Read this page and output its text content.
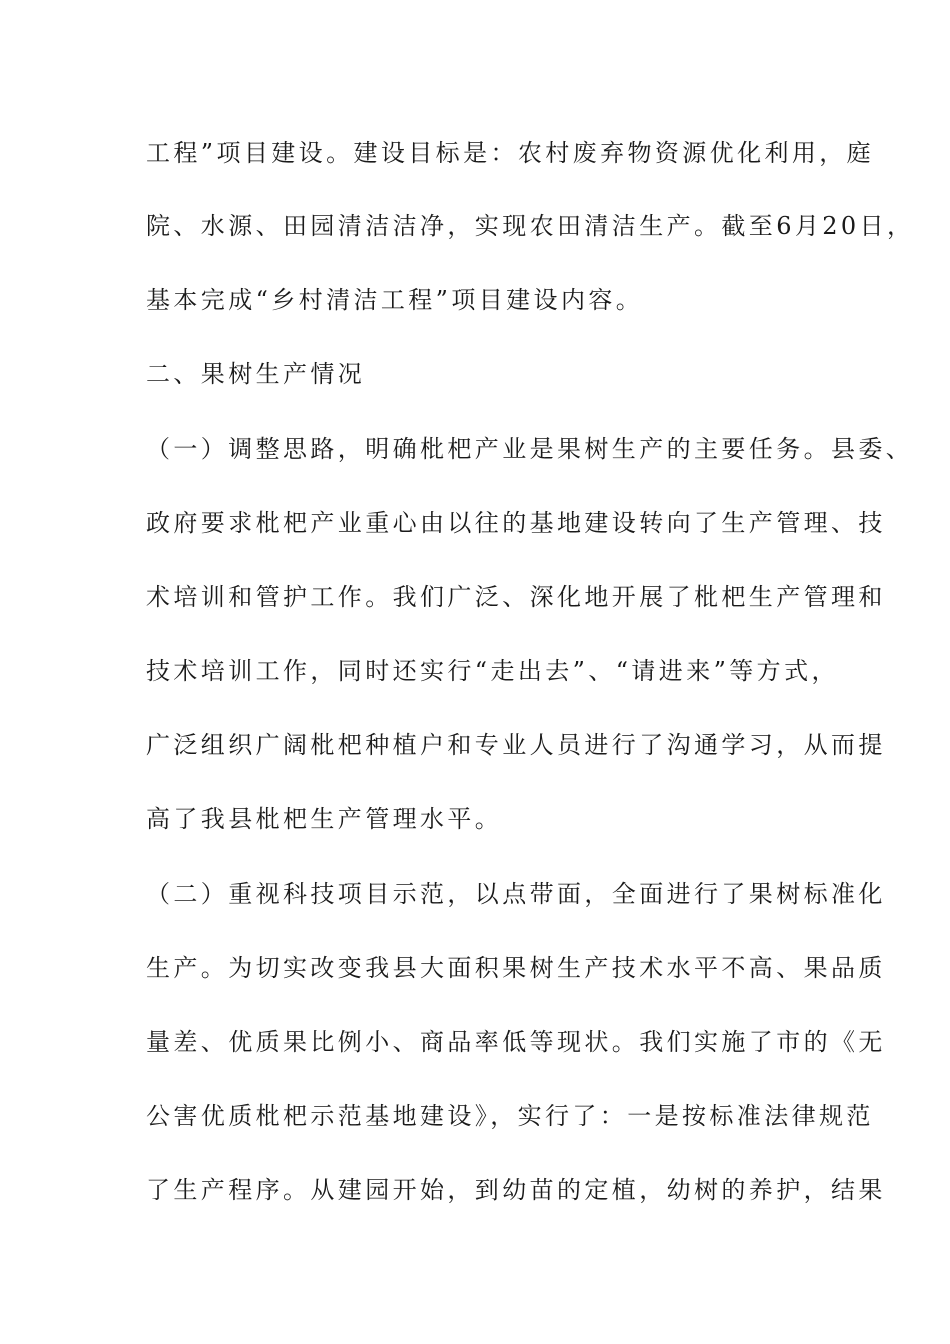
工程”项目建设。建设目标是：农村废弃物资源优化利用，庭
院、水源、田园清洁洁净，实现农田清洁生产。截至6月20日，
基本完成“乡村清洁工程”项目建设内容。
二、果树生产情况
（一）调整思路，明确枇杷产业是果树生产的主要任务。县委、
政府要求枇杷产业重心由以往的基地建设转向了生产管理、技
术培训和管护工作。我们广泛、深化地开展了枇杷生产管理和
技术培训工作，同时还实行“走出去”、“请进来”等方式，
广泛组织广阔枇杷种植户和专业人员进行了沟通学习，从而提
高了我县枇杷生产管理水平。
（二）重视科技项目示范，以点带面，全面进行了果树标准化
生产。为切实改变我县大面积果树生产技术水平不高、果品质
量差、优质果比例小、商品率低等现状。我们实施了市的《无
公害优质枇杷示范基地建设》，实行了：一是按标准法律规范
了生产程序。从建园开始，到幼苗的定植，幼树的养护，结果
